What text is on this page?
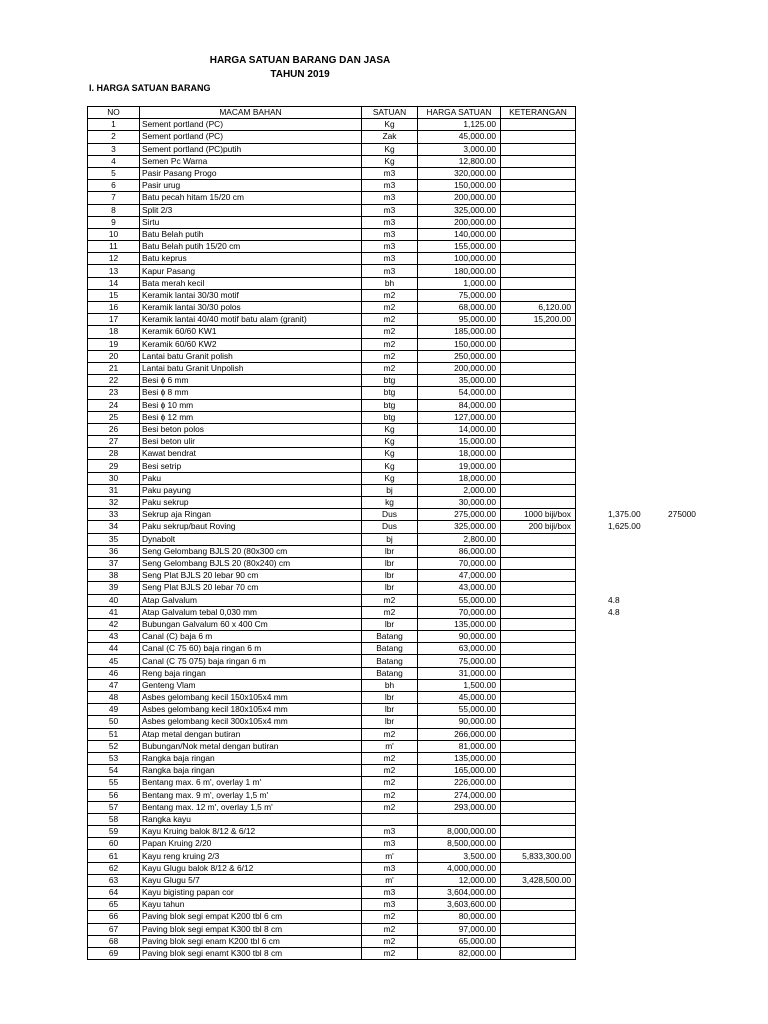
HARGA SATUAN BARANG DAN JASA
TAHUN 2019
I. HARGA SATUAN BARANG
NO	MACAM BAHAN	SATUAN	HARGA SATUAN	KETERANGAN
1	Sement portland (PC)	Kg	1,125.00	
2	Sement portland (PC)	Zak	45,000.00	
3	Sement portland (PC)putih	Kg	3,000.00	
4	Semen Pc Warna	Kg	12,800.00	
5	Pasir Pasang Progo	m3	320,000.00	
6	Pasir urug	m3	150,000.00	
7	Batu pecah hitam 15/20 cm	m3	200,000.00	
8	Split 2/3	m3	325,000.00	
9	Sirtu	m3	200,000.00	
10	Batu Belah putih	m3	140,000.00	
11	Batu Belah putih 15/20 cm	m3	155,000.00	
12	Batu keprus	m3	100,000.00	
13	Kapur Pasang	m3	180,000.00	
14	Bata merah kecil	bh	1,000.00	
15	Keramik lantai 30/30 motif	m2	75,000.00	
16	Keramik lantai 30/30 polos	m2	68,000.00	6,120.00
17	Keramik lantai 40/40 motif batu alam (granit)	m2	95,000.00	15,200.00
18	Keramik 60/60 KW1	m2	185,000.00	
19	Keramik 60/60 KW2	m2	150,000.00	
20	Lantai batu Granit polish	m2	250,000.00	
21	Lantai batu Granit Unpolish	m2	200,000.00	
22	Besi ɸ 6 mm	btg	35,000.00	
23	Besi ɸ 8 mm	btg	54,000.00	
24	Besi ɸ 10 mm	btg	84,000.00	
25	Besi ɸ 12 mm	btg	127,000.00	
26	Besi beton polos	Kg	14,000.00	
27	Besi beton ulir	Kg	15,000.00	
28	Kawat bendrat	Kg	18,000.00	
29	Besi setrip	Kg	19,000.00	
30	Paku	Kg	18,000.00	
31	Paku payung	bj	2,000.00	
32	Paku sekrup	kg	30,000.00	
33	Sekrup aja Ringan	Dus	275,000.00	1000 biji/box
34	Paku sekrup/baut Roving	Dus	325,000.00	200 biji/box
35	Dynabolt	bj	2,800.00	
36	Seng Gelombang BJLS 20 (80x300 cm	lbr	86,000.00	
37	Seng Gelombang BJLS 20 (80x240) cm	lbr	70,000.00	
38	Seng Plat BJLS 20 lebar 90 cm	lbr	47,000.00	
39	Seng Plat BJLS 20 lebar 70 cm	lbr	43,000.00	
40	Atap Galvalum	m2	55,000.00	
41	Atap Galvalum tebal 0,030 mm	m2	70,000.00	
42	Bubungan Galvalum 60 x 400 Cm	lbr	135,000.00	
43	Canal (C) baja 6 m	Batang	90,000.00	
44	Canal (C 75 60) baja ringan 6 m	Batang	63,000.00	
45	Canal (C 75 075) baja ringan 6 m	Batang	75,000.00	
46	Reng baja ringan	Batang	31,000.00	
47	Genteng Vlam	bh	1,500.00	
48	Asbes gelombang kecil 150x105x4 mm	lbr	45,000.00	
49	Asbes gelombang kecil 180x105x4 mm	lbr	55,000.00	
50	Asbes gelombang kecil 300x105x4 mm	lbr	90,000.00	
51	Atap metal dengan butiran	m2	266,000.00	
52	Bubungan/Nok metal dengan butiran	m'	81,000.00	
53	Rangka baja ringan	m2	135,000.00	
54	Rangka baja ringan	m2	165,000.00	
55	Bentang max. 6 m', overlay 1 m'	m2	226,000.00	
56	Bentang max. 9 m', overlay 1,5 m'	m2	274,000.00	
57	Bentang max. 12 m', overlay 1,5 m'	m2	293,000.00	
58	Rangka kayu			
59	Kayu Kruing balok 8/12 & 6/12	m3	8,000,000.00	
60	Papan Kruing 2/20	m3	8,500,000.00	
61	Kayu reng kruing 2/3	m'	3,500.00	5,833,300.00
62	Kayu Glugu balok 8/12 & 6/12	m3	4,000,000.00	
63	Kayu Glugu 5/7	m'	12,000.00	3,428,500.00
64	Kayu bigisting papan cor	m3	3,604,000.00	
65	Kayu tahun	m3	3,603,600.00	
66	Paving blok segi empat K200 tbl 6 cm	m2	80,000.00	
67	Paving blok segi empat K300 tbl 8 cm	m2	97,000.00	
68	Paving blok segi enam K200 tbl 6 cm	m2	65,000.00	
69	Paving blok segi enamt K300 tbl 8 cm	m2	82,000.00	
1,375.00	275000
1,625.00
4.8
4.8
